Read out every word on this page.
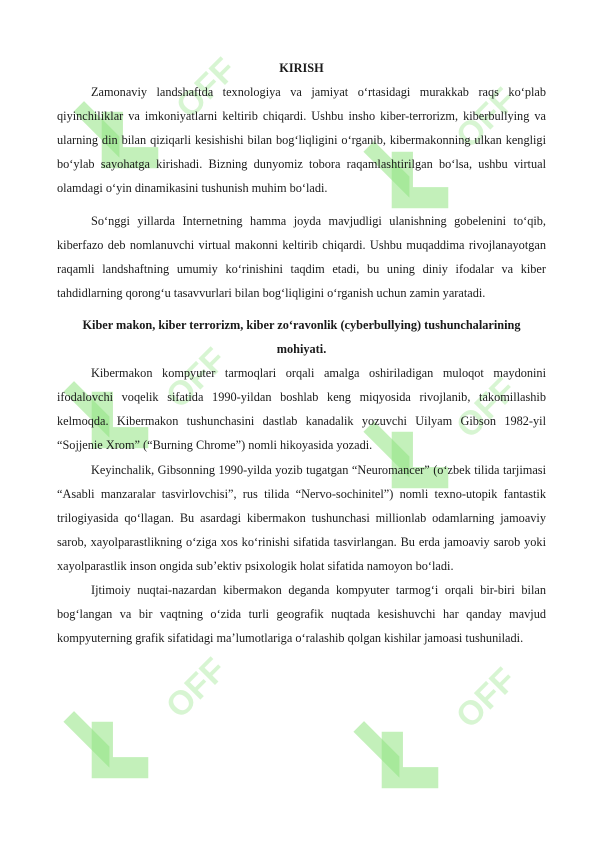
OFF	OFF
OFF	OFF
OFF	OFF
KIRISH

Zamonaviy landshaftda texnologiya va jamiyat o‘rtasidagi murakkab raqs ko‘plab qiyinchiliklar va imkoniyatlarni keltirib chiqardi. Ushbu insho kiber-terrorizm, kiberbullying va ularning din bilan qiziqarli kesishishi bilan bog‘liqligini o‘rganib, kibermakonning ulkan kengligi bo‘ylab sayohatga kirishadi. Bizning dunyomiz tobora raqamlashtirilgan bo‘lsa, ushbu virtual olamdagi o‘yin dinamikasini tushunish muhim bo‘ladi.

So‘nggi yillarda Internetning hamma joyda mavjudligi ulanishning gobelenini to‘qib, kiberfazo deb nomlanuvchi virtual makonni keltirib chiqardi. Ushbu muqaddima rivojlanayotgan raqamli landshaftning umumiy ko‘rinishini taqdim etadi, bu uning diniy ifodalar va kiber tahdidlarning qorong‘u tasavvurlari bilan bog‘liqligini o‘rganish uchun zamin yaratadi.

Kiber makon, kiber terrorizm, kiber zo‘ravonlik (cyberbullying) tushunchalarining mohiyati.

Kibermakon kompyuter tarmoqlari orqali amalga oshiriladigan muloqot maydonini ifodalovchi voqelik sifatida 1990-yildan boshlab keng miqyosida rivojlanib, takomillashib kelmoqda. Kibermakon tushunchasini dastlab kanadalik yozuvchi Uilyam Gibson 1982-yil “Sojjenie Xrom” (“Burning Chrome”) nomli hikoyasida yozadi.

Keyinchalik, Gibsonning 1990-yilda yozib tugatgan “Neuromancer” (o‘zbek tilida tarjimasi “Asabli manzaralar tasvirlovchisi”, rus tilida “Nervo-sochinitel”) nomli texno-utopik fantastik trilogiyasida qo‘llagan. Bu asardagi kibermakon tushunchasi millionlab odamlarning jamoaviy sarob, xayolparastlikning o‘ziga xos ko‘rinishi sifatida tasvirlangan. Bu erda jamoaviy sarob yoki xayolparastlik inson ongida sub’ektiv psixologik holat sifatida namoyon bo‘ladi.

Ijtimoiy nuqtai-nazardan kibermakon deganda kompyuter tarmog‘i orqali bir-biri bilan bog‘langan va bir vaqtning o‘zida turli geografik nuqtada kesishuvchi har qanday mavjud kompyuterning grafik sifatidagi ma’lumotlariga o‘ralashib qolgan kishilar jamoasi tushuniladi.
